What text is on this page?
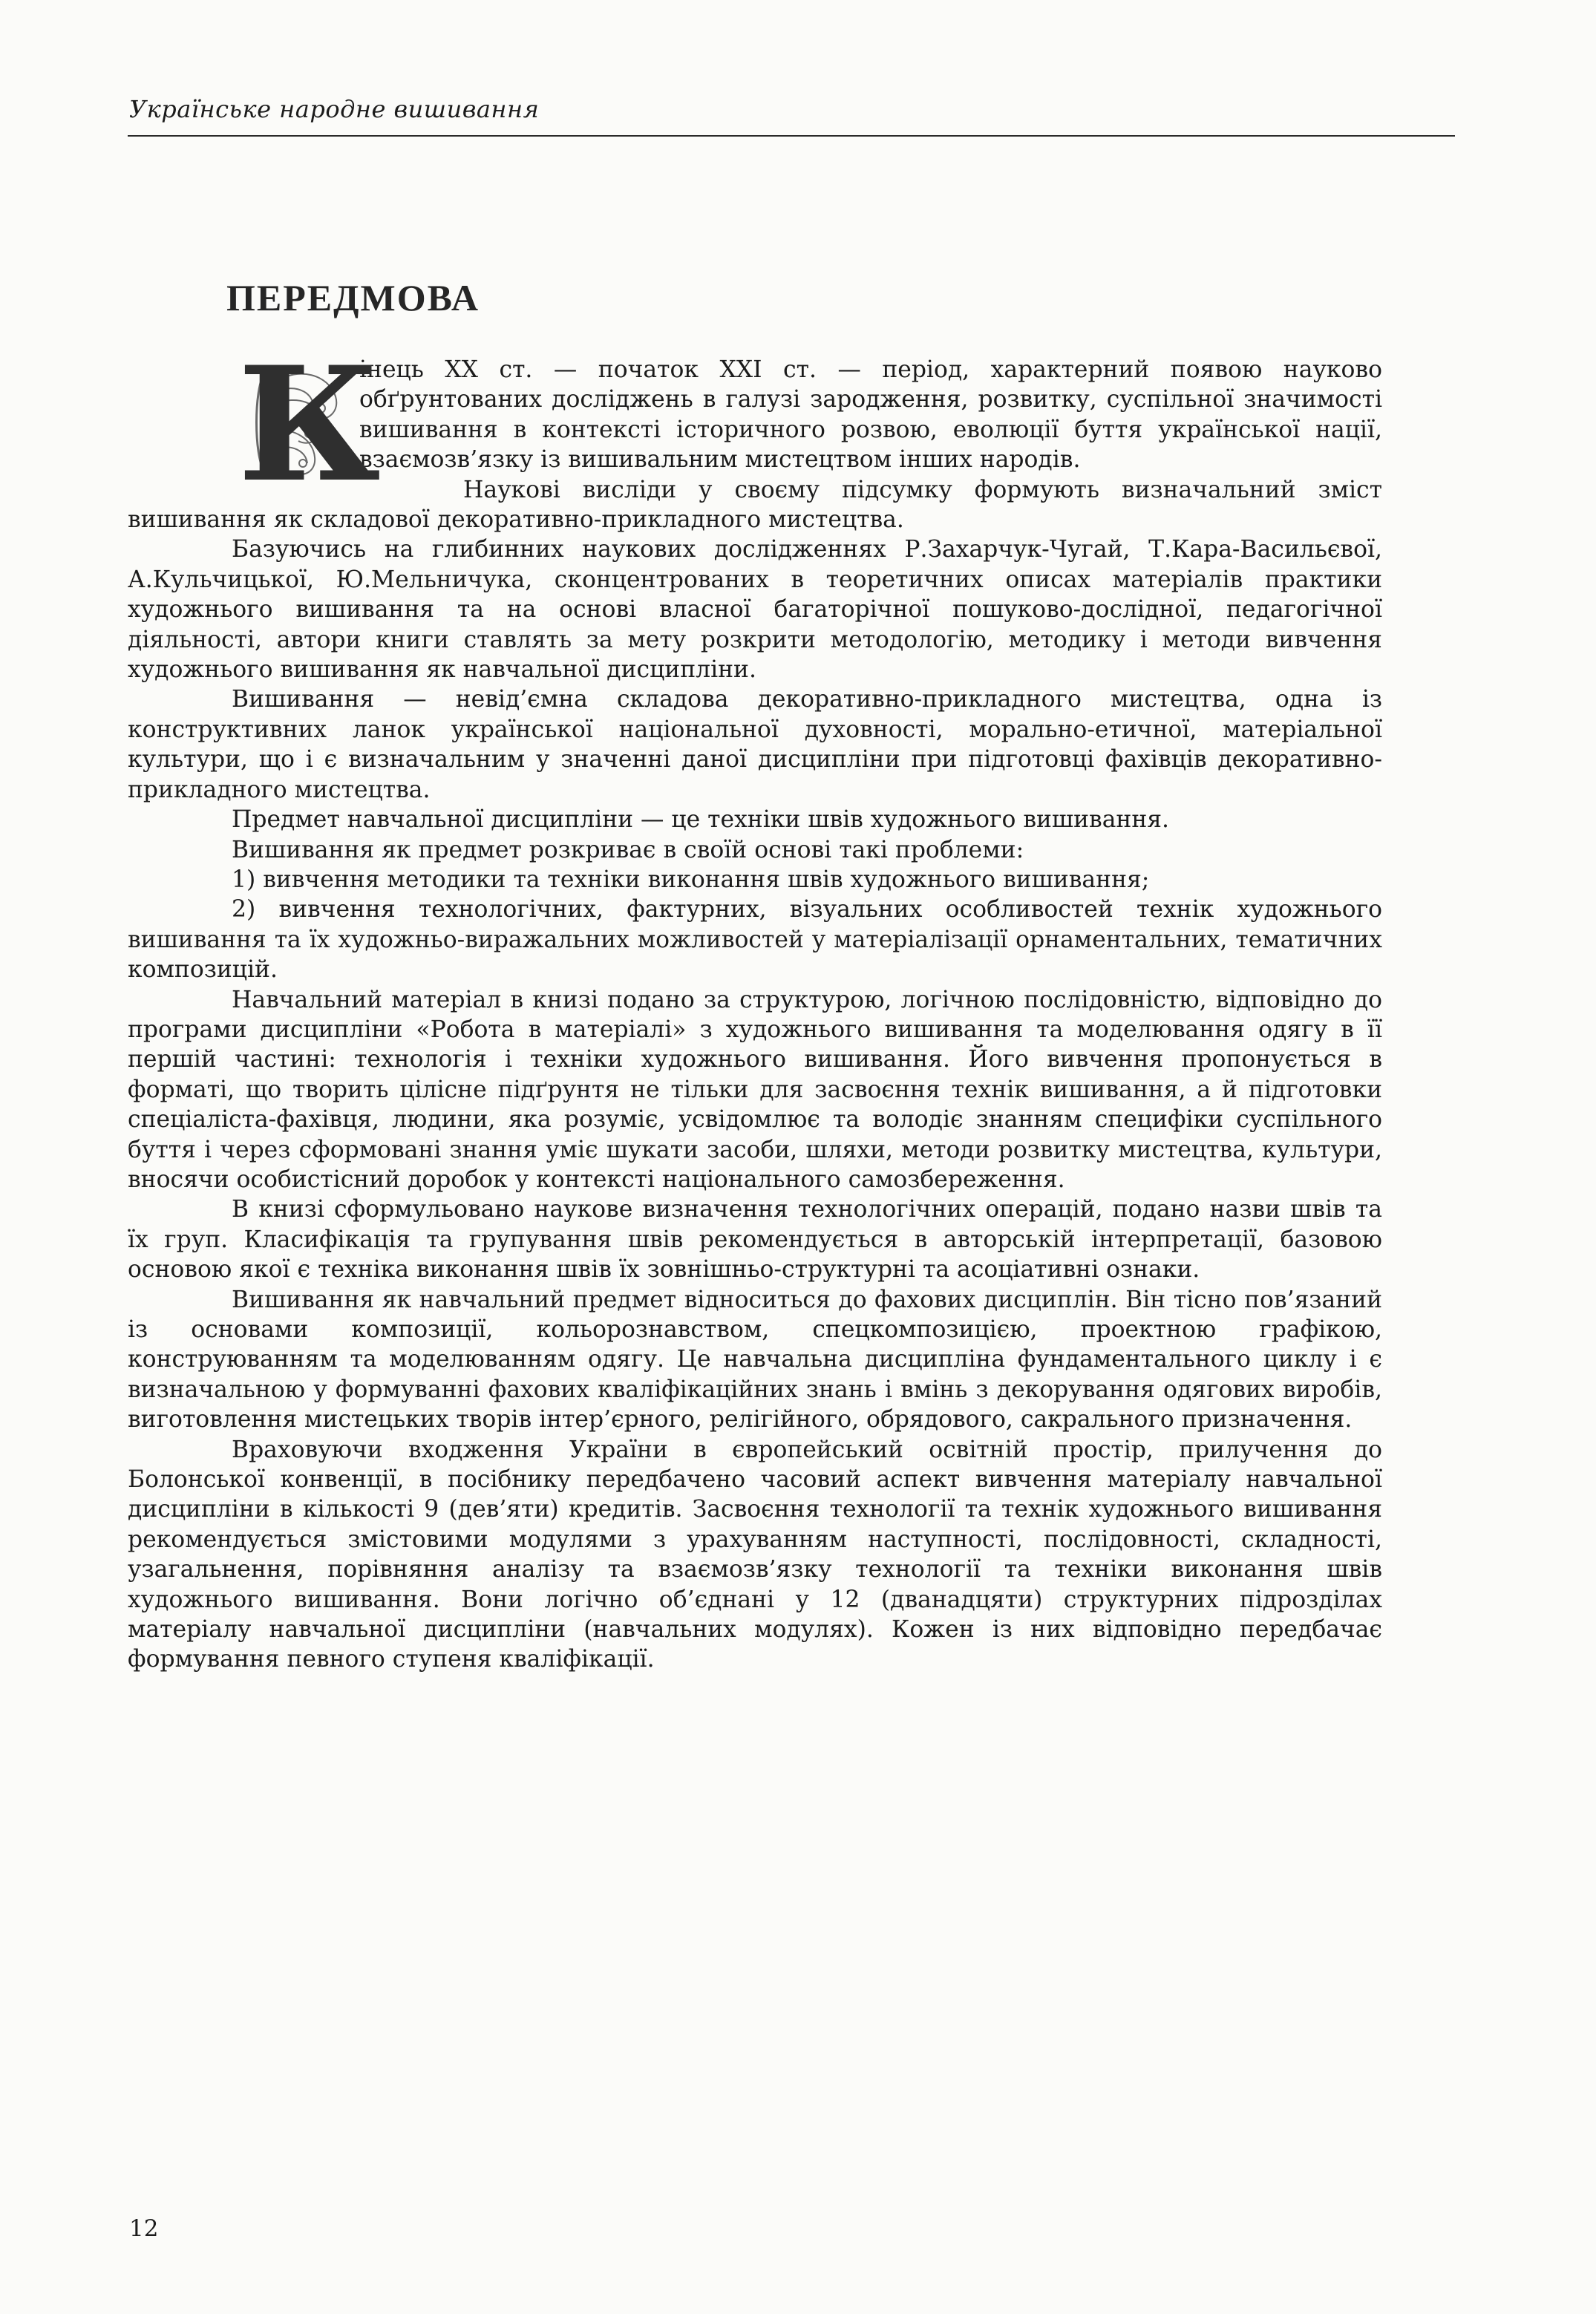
Українське народне вишивання
ПЕРЕДМОВА
К

інець XX ст. — початок XXI ст. — період, характерний появою науково обґрунтованих досліджень в галузі зародження, розвитку, суспільної значимості вишивання в контексті історичного розвою, еволюції буття української нації, взаємозв’язку із вишивальним мистецтвом інших народів.

Наукові висліди у своєму підсумку формують визначальний зміст вишивання як складової декоративно-прикладного мистецтва.

Базуючись на глибинних наукових дослідженнях Р.Захарчук-Чугай, Т.Кара-Васильєвої, А.Кульчицької, Ю.Мельничука, сконцентрованих в теоретичних описах матеріалів практики художнього вишивання та на основі власної багаторічної пошуково-дослідної, педагогічної діяльності, автори книги ставлять за мету розкрити методологію, методику і методи вивчення художнього вишивання як навчальної дисципліни.

Вишивання — невід’ємна складова декоративно-прикладного мистецтва, одна із конструктивних ланок української національної духовності, морально-етичної, матеріальної культури, що і є визначальним у значенні даної дисципліни при підготовці фахівців декоративно-прикладного мистецтва.

Предмет навчальної дисципліни — це техніки швів художнього вишивання.

Вишивання як предмет розкриває в своїй основі такі проблеми:

1) вивчення методики та техніки виконання швів художнього вишивання;

2) вивчення технологічних, фактурних, візуальних особливостей технік художнього вишивання та їх художньо-виражальних можливостей у матеріалізації орнаментальних, тематичних композицій.

Навчальний матеріал в книзі подано за структурою, логічною послідовністю, відповідно до програми дисципліни «Робота в матеріалі» з художнього вишивання та моделювання одягу в її першій частині: технологія і техніки художнього вишивання. Його вивчення пропонується в форматі, що творить цілісне підґрунтя не тільки для засвоєння технік вишивання, а й підготовки спеціаліста-фахівця, людини, яка розуміє, усвідомлює та володіє знанням специфіки суспільного буття і через сформовані знання уміє шукати засоби, шляхи, методи розвитку мистецтва, культури, вносячи особистісний доробок у контексті національного самозбереження.

В книзі сформульовано наукове визначення технологічних операцій, подано назви швів та їх груп. Класифікація та групування швів рекомендується в авторській інтерпретації, базовою основою якої є техніка виконання швів їх зовнішньо-структурні та асоціативні ознаки.

Вишивання як навчальний предмет відноситься до фахових дисциплін. Він тісно пов’язаний із основами композиції, кольорознавством, спецкомпозицією, проектною графікою, конструюванням та моделюванням одягу. Це навчальна дисципліна фундаментального циклу і є визначальною у формуванні фахових кваліфікаційних знань і вмінь з декорування одягових виробів, виготовлення мистецьких творів інтер’єрного, релігійного, обрядового, сакрального призначення.

Враховуючи входження України в європейський освітній простір, прилучення до Болонської конвенції, в посібнику передбачено часовий аспект вивчення матеріалу навчальної дисципліни в кількості 9 (дев’яти) кредитів. Засвоєння технології та технік художнього вишивання рекомендується змістовими модулями з урахуванням наступності, послідовності, складності, узагальнення, порівняння аналізу та взаємозв’язку технології та техніки виконання швів художнього вишивання. Вони логічно об’єднані у 12 (дванадцяти) структурних підрозділах матеріалу навчальної дисципліни (навчальних модулях). Кожен із них відповідно передбачає формування певного ступеня кваліфікації.

12
